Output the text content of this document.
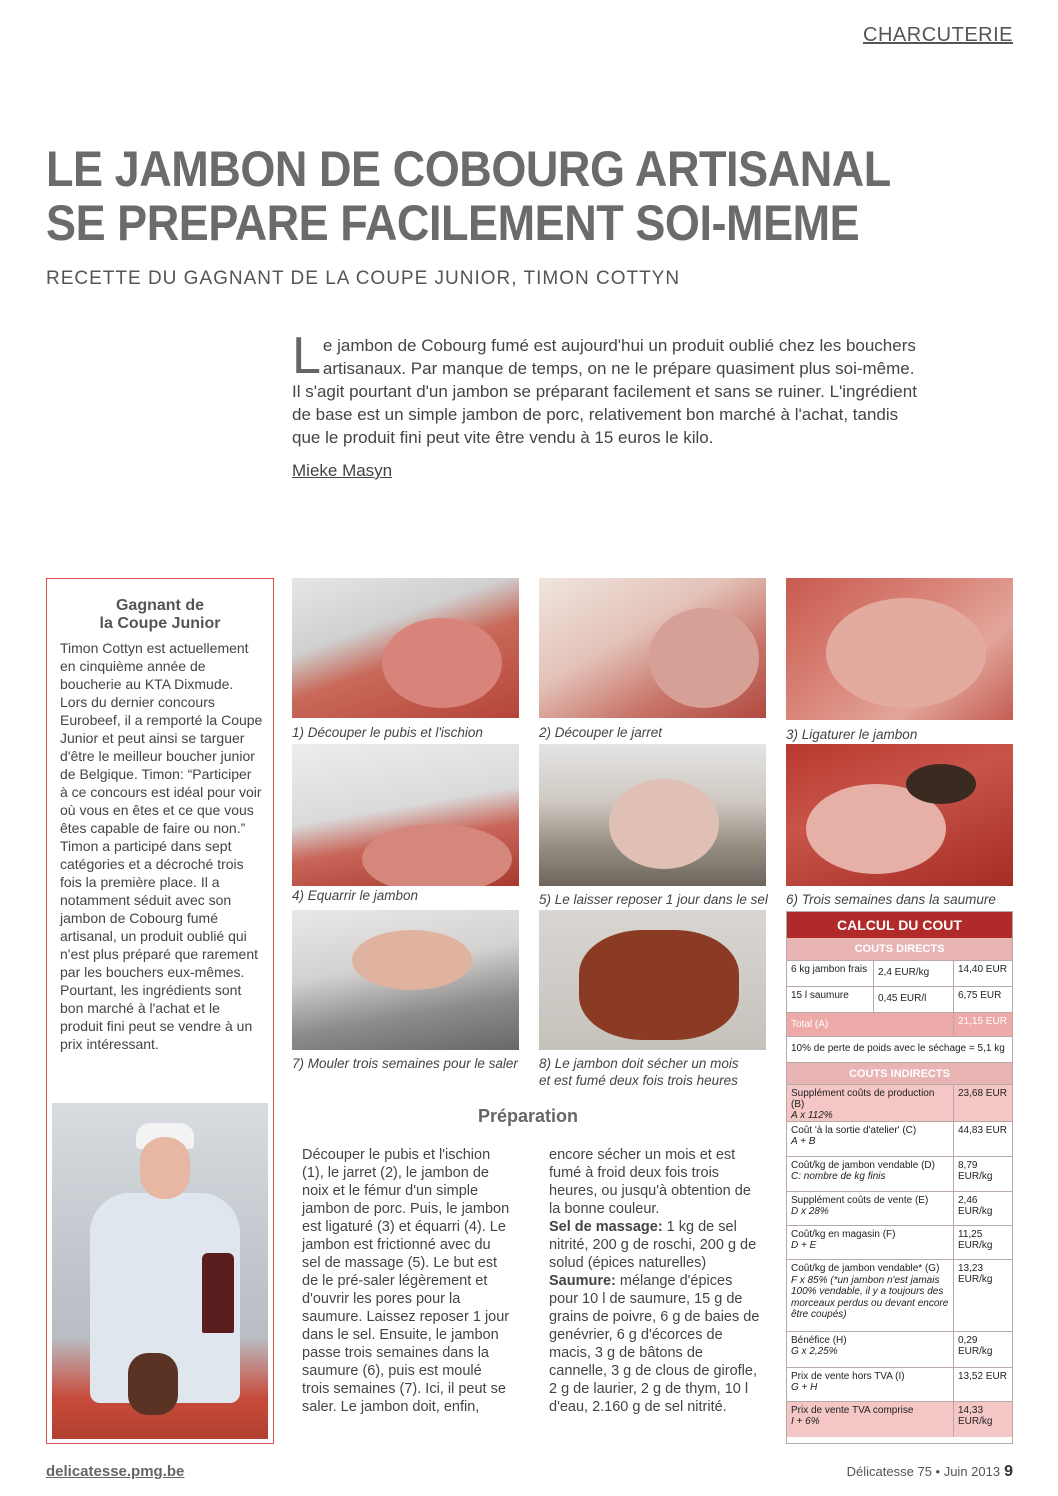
CHARCUTERIE
LE JAMBON DE COBOURG ARTISANAL
SE PREPARE FACILEMENT SOI-MEME
RECETTE DU GAGNANT DE LA COUPE JUNIOR, TIMON COTTYN
Le jambon de Cobourg fumé est aujourd'hui un produit oublié chez les bouchers artisanaux. Par manque de temps, on ne le prépare quasiment plus soi-même. Il s'agit pourtant d'un jambon se préparant facilement et sans se ruiner. L'ingrédient de base est un simple jambon de porc, relativement bon marché à l'achat, tandis que le produit fini peut vite être vendu à 15 euros le kilo.
Mieke Masyn
Gagnant de
la Coupe Junior

Timon Cottyn est actuellement en cinquième année de boucherie au KTA Dixmude. Lors du dernier concours Eurobeef, il a remporté la Coupe Junior et peut ainsi se targuer d'être le meilleur boucher junior de Belgique. Timon: “Participer à ce concours est idéal pour voir où vous en êtes et ce que vous êtes capable de faire ou non.” Timon a participé dans sept catégories et a décroché trois fois la première place. Il a notamment séduit avec son jambon de Cobourg fumé artisanal, un produit oublié qui n'est plus préparé que rarement par les bouchers eux-mêmes. Pourtant, les ingrédients sont bon marché à l'achat et le produit fini peut se vendre à un prix intéressant.

1) Découper le pubis et l'ischion	2) Découper le jarret	3) Ligaturer le jambon
4) Equarrir le jambon	5) Le laisser reposer 1 jour dans le sel 6) Trois semaines dans la saumure
7) Mouler trois semaines pour le saler 8) Le jambon doit sécher un mois
et est fumé deux fois trois heures
Préparation
Découper le pubis et l'ischion (1), le jarret (2), le jambon de noix et le fémur d'un simple jambon de porc. Puis, le jambon est ligaturé (3) et équarri (4). Le jambon est frictionné avec du sel de massage (5). Le but est de le pré-saler légèrement et d'ouvrir les pores pour la saumure. Laissez reposer 1 jour dans le sel. Ensuite, le jambon passe trois semaines dans la saumure (6), puis est moulé trois semaines (7). Ici, il peut se saler. Le jambon doit, enfin,
encore sécher un mois et est fumé à froid deux fois trois heures, ou jusqu'à obtention de la bonne couleur.
Sel de massage: 1 kg de sel nitrité, 200 g de roschi, 200 g de solud (épices naturelles)
Saumure: mélange d'épices pour 10 l de saumure, 15 g de grains de poivre, 6 g de baies de genévrier, 6 g d'écorces de macis, 3 g de bâtons de cannelle, 3 g de clous de girofle, 2 g de laurier, 2 g de thym, 10 l d'eau, 2.160 g de sel nitrité.
CALCUL DU COUT
COUTS DIRECTS
6 kg jambon frais	2,4 EUR/kg	14,40 EUR
15 l saumure	0,45 EUR/l	6,75 EUR
Total (A)	21,15 EUR
10% de perte de poids avec le séchage = 5,1 kg
COUTS INDIRECTS
Supplément coûts de production (B)
A x 112%
23,68 EUR
Coût 'à la sortie d'atelier' (C)
A + B
44,83 EUR
Coût/kg de jambon vendable (D)
C: nombre de kg finis
8,79 EUR/kg
Supplément coûts de vente (E)
D x 28%
2,46 EUR/kg
Coût/kg en magasin (F)
D + E
11,25 EUR/kg
Coût/kg de jambon vendable* (G)
F x 85% (*un jambon n'est jamais 100% vendable, il y a toujours des morceaux perdus ou devant encore être coupés)
13,23 EUR/kg
Bénéfice (H)
G x 2,25%
0,29 EUR/kg
Prix de vente hors TVA (I)
G + H
13,52 EUR
Prix de vente TVA comprise
I + 6%
14,33 EUR/kg
delicatesse.pmg.be	Délicatesse 75 • Juin 2013 9
